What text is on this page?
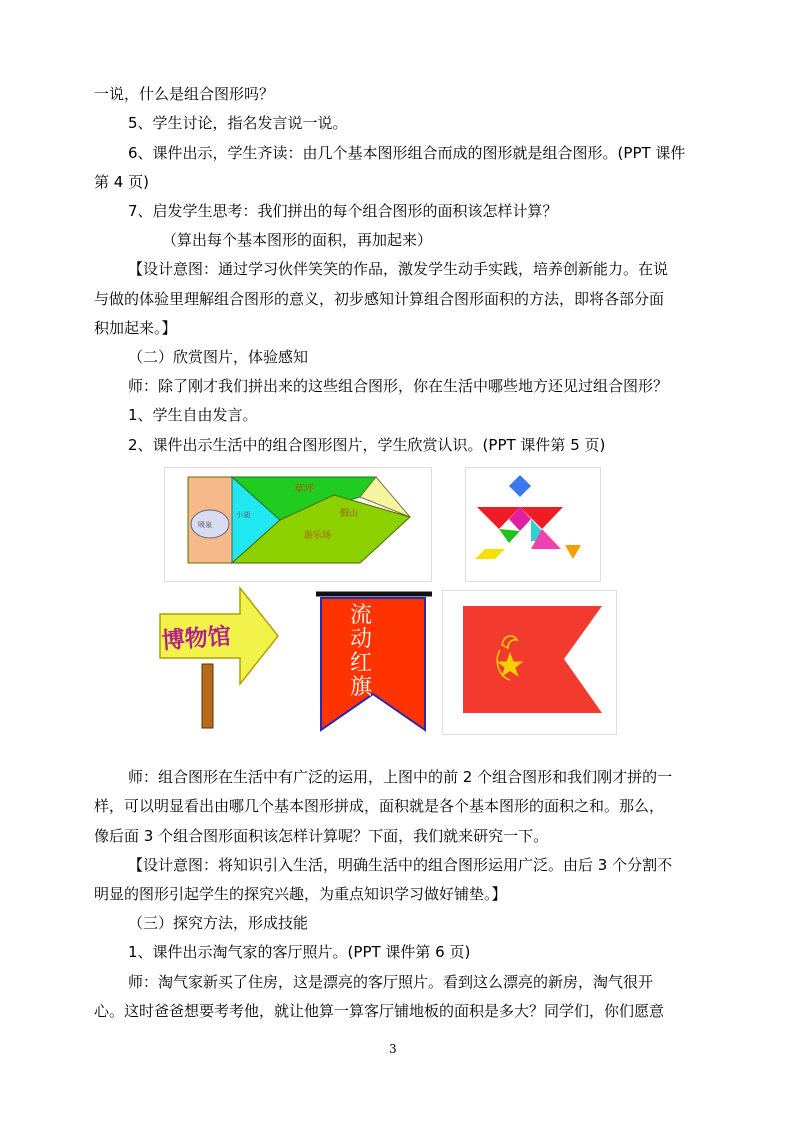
一说，什么是组合图形吗？
5、学生讨论，指名发言说一说。
6、课件出示，学生齐读：由几个基本图形组合而成的图形就是组合图形。(PPT 课件
第 4 页)
7、启发学生思考：我们拼出的每个组合图形的面积该怎样计算？
（算出每个基本图形的面积，再加起来）
【设计意图：通过学习伙伴笑笑的作品，激发学生动手实践，培养创新能力。在说
与做的体验里理解组合图形的意义，初步感知计算组合图形面积的方法，即将各部分面
积加起来。】
（二）欣赏图片，体验感知
师：除了刚才我们拼出来的这些组合图形，你在生活中哪些地方还见过组合图形？
1、学生自由发言。
2、课件出示生活中的组合图形图片，学生欣赏认识。(PPT 课件第 5 页)
草坪
小湖	假山
游乐场
喷泉
博物馆
流
动
红
旗
师：组合图形在生活中有广泛的运用，上图中的前 2 个组合图形和我们刚才拼的一
样，可以明显看出由哪几个基本图形拼成，面积就是各个基本图形的面积之和。那么，
像后面 3 个组合图形面积该怎样计算呢？下面，我们就来研究一下。
【设计意图：将知识引入生活，明确生活中的组合图形运用广泛。由后 3 个分割不
明显的图形引起学生的探究兴趣，为重点知识学习做好铺垫。】
（三）探究方法，形成技能
1、课件出示淘气家的客厅照片。(PPT 课件第 6 页)
师：淘气家新买了住房，这是漂亮的客厅照片。看到这么漂亮的新房，淘气很开
心。这时爸爸想要考考他，就让他算一算客厅铺地板的面积是多大？同学们，你们愿意
3
